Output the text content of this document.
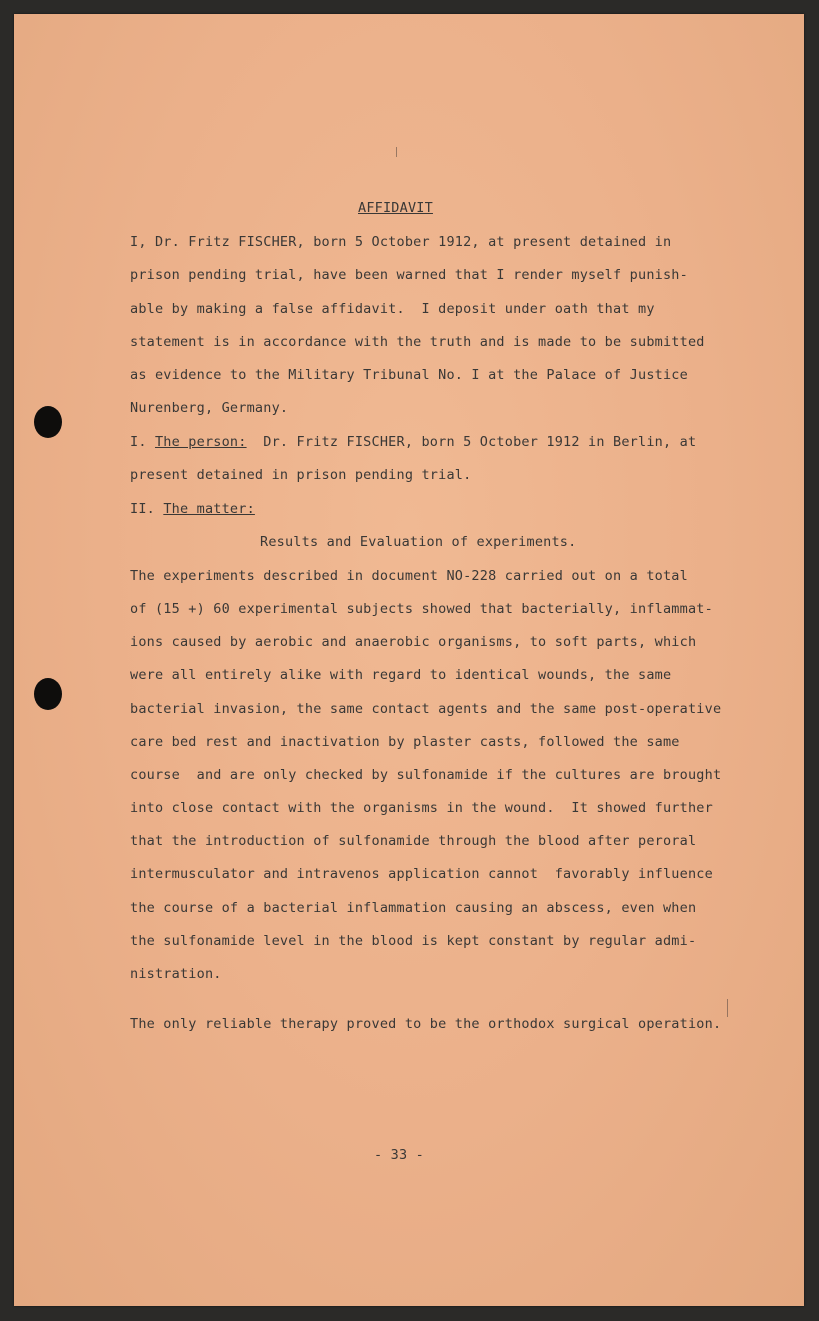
AFFIDAVIT
I, Dr. Fritz FISCHER, born 5 October 1912, at present detained in
prison pending trial, have been warned that I render myself punish-
able by making a false affidavit.  I deposit under oath that my
statement is in accordance with the truth and is made to be submitted
as evidence to the Military Tribunal No. I at the Palace of Justice
Nurenberg, Germany.
I. The person:  Dr. Fritz FISCHER, born 5 October 1912 in Berlin, at
present detained in prison pending trial.
II. The matter:
Results and Evaluation of experiments.
The experiments described in document NO-228 carried out on a total
of (15 +) 60 experimental subjects showed that bacterially, inflammat-
ions caused by aerobic and anaerobic organisms, to soft parts, which
were all entirely alike with regard to identical wounds, the same
bacterial invasion, the same contact agents and the same post-operative
care bed rest and inactivation by plaster casts, followed the same
course  and are only checked by sulfonamide if the cultures are brought
into close contact with the organisms in the wound.  It showed further
that the introduction of sulfonamide through the blood after peroral
intermusculator and intravenos application cannot  favorably influence
the course of a bacterial inflammation causing an abscess, even when
the sulfonamide level in the blood is kept constant by regular admi-
nistration.
The only reliable therapy proved to be the orthodox surgical operation.
- 33 -
